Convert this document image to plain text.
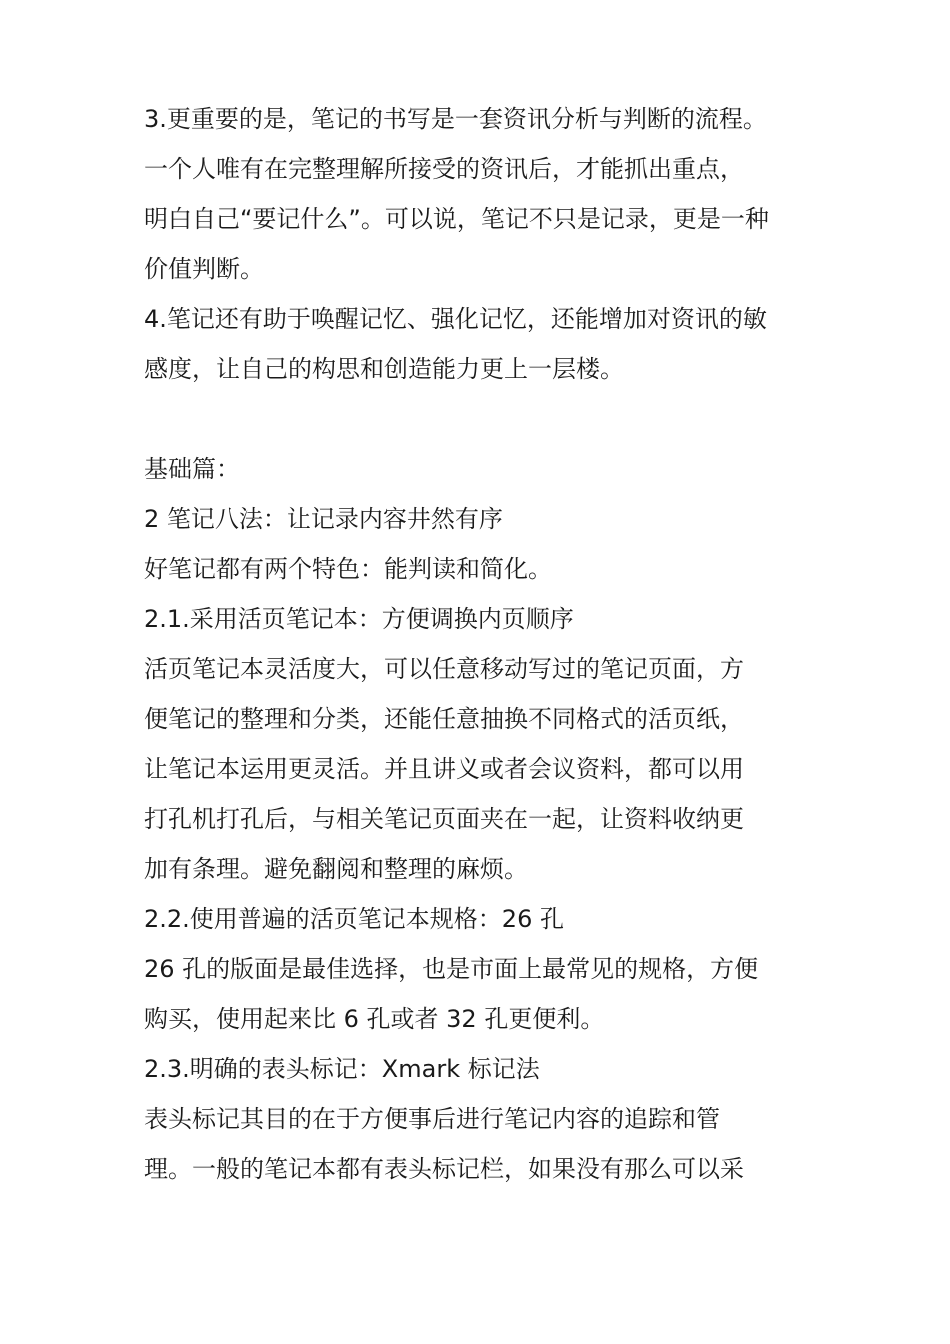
3.更重要的是，笔记的书写是一套资讯分析与判断的流程。
一个人唯有在完整理解所接受的资讯后，才能抓出重点，
明白自己“要记什么”。可以说，笔记不只是记录，更是一种
价值判断。
4.笔记还有助于唤醒记忆、强化记忆，还能增加对资讯的敏
感度，让自己的构思和创造能力更上一层楼。
基础篇：
2 笔记八法：让记录内容井然有序
好笔记都有两个特色：能判读和简化。
2.1.采用活页笔记本：方便调换内页顺序
活页笔记本灵活度大，可以任意移动写过的笔记页面，方
便笔记的整理和分类，还能任意抽换不同格式的活页纸，
让笔记本运用更灵活。并且讲义或者会议资料，都可以用
打孔机打孔后，与相关笔记页面夹在一起，让资料收纳更
加有条理。避免翻阅和整理的麻烦。
2.2.使用普遍的活页笔记本规格：26 孔
26 孔的版面是最佳选择，也是市面上最常见的规格，方便
购买，使用起来比 6 孔或者 32 孔更便利。
2.3.明确的表头标记：Xmark 标记法
表头标记其目的在于方便事后进行笔记内容的追踪和管
理。一般的笔记本都有表头标记栏，如果没有那么可以采
